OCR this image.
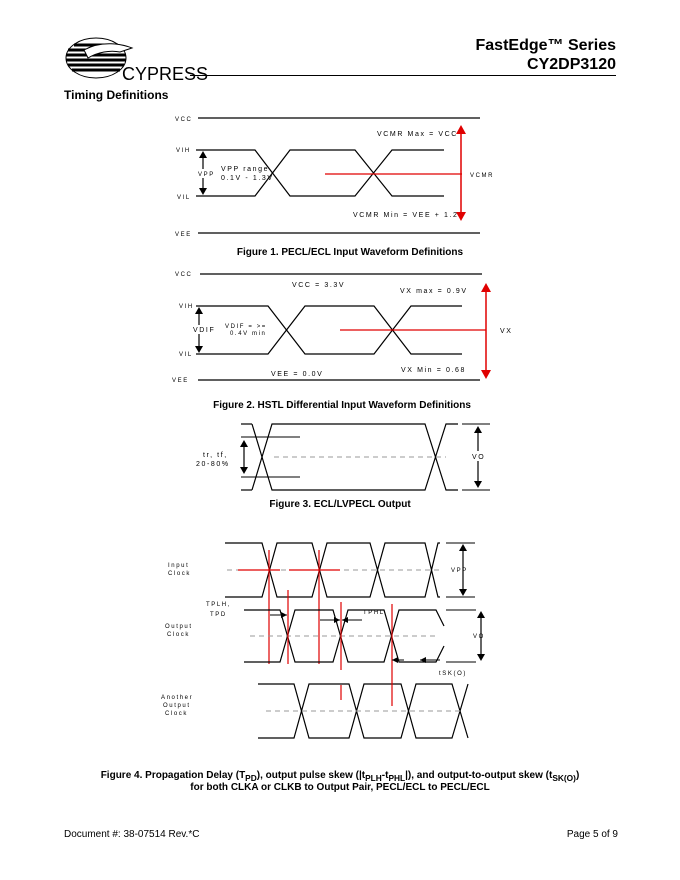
CYPRESS
FastEdge™ Series
CY2DP3120
Timing Definitions
VCC
VEE
VIH
VIL
VPP
VPP range
0.1V - 1.3V
VCMR Max = VCC
VCMR Min = VEE + 1.2
VCMR
VCC
VEE
VIH
VIL
VCC = 3.3V
VEE = 0.0V
VDIF VDIF = >=
0.4V min
VX max = 0.9V
VX Min = 0.68
VX
tr, tf,
20-80%
VO
VPP
Input
Clock
TPLH,
TPD	TPHL
Output
Clock	VO
tSK(O)
Another
Output
Clock
Figure 1. PECL/ECL Input Waveform Definitions
Figure 2. HSTL Differential Input Waveform Definitions
Figure 3. ECL/LVPECL Output
Figure 4. Propagation Delay $(T_{PD})$, output pulse skew $(|t_{PLH}-t_{PHL}|)$, and output-to-output skew $(t_{SK(O)})$
for both CLKA or CLKB to Output Pair, PECL/ECL to PECL/ECL
Document #: 38-07514 Rev.*C	Page 5 of 9
